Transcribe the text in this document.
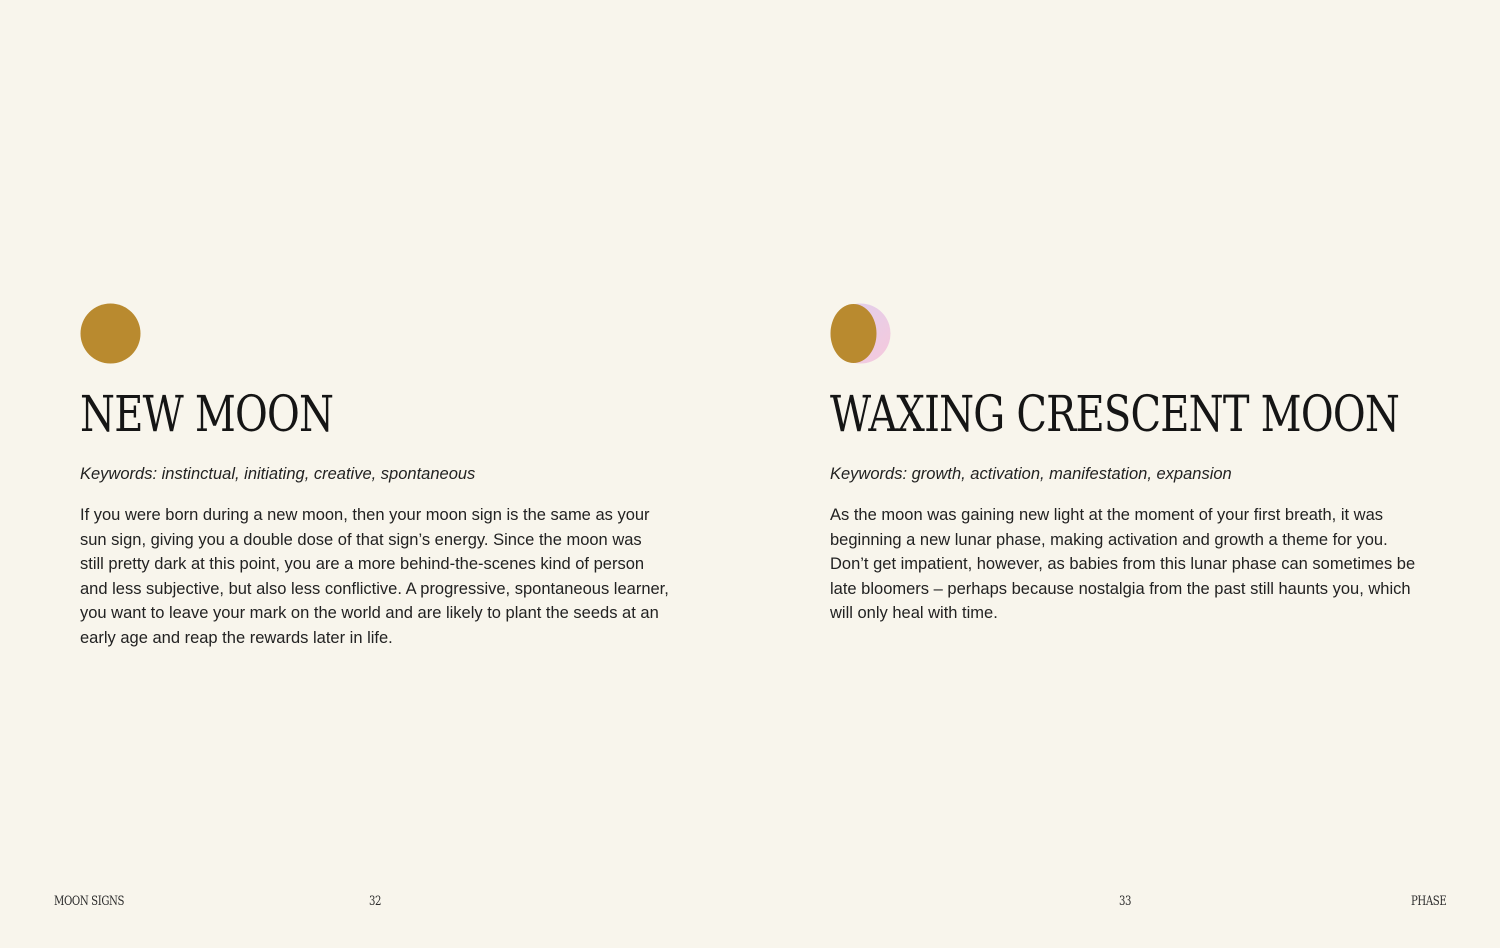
NEW MOON

Keywords: instinctual, initiating, creative, spontaneous

If you were born during a new moon, then your moon sign is the same as your sun sign, giving you a double dose of that sign’s energy. Since the moon was still pretty dark at this point, you are a more behind-the-scenes kind of person and less subjective, but also less conflictive. A progressive, spontaneous learner, you want to leave your mark on the world and are likely to plant the seeds at an early age and reap the rewards later in life.

MOON SIGNS	32
WAXING CRESCENT MOON

Keywords: growth, activation, manifestation, expansion

As the moon was gaining new light at the moment of your first breath, it was beginning a new lunar phase, making activation and growth a theme for you. Don’t get impatient, however, as babies from this lunar phase can sometimes be late bloomers – perhaps because nostalgia from the past still haunts you, which will only heal with time.

33	PHASE
